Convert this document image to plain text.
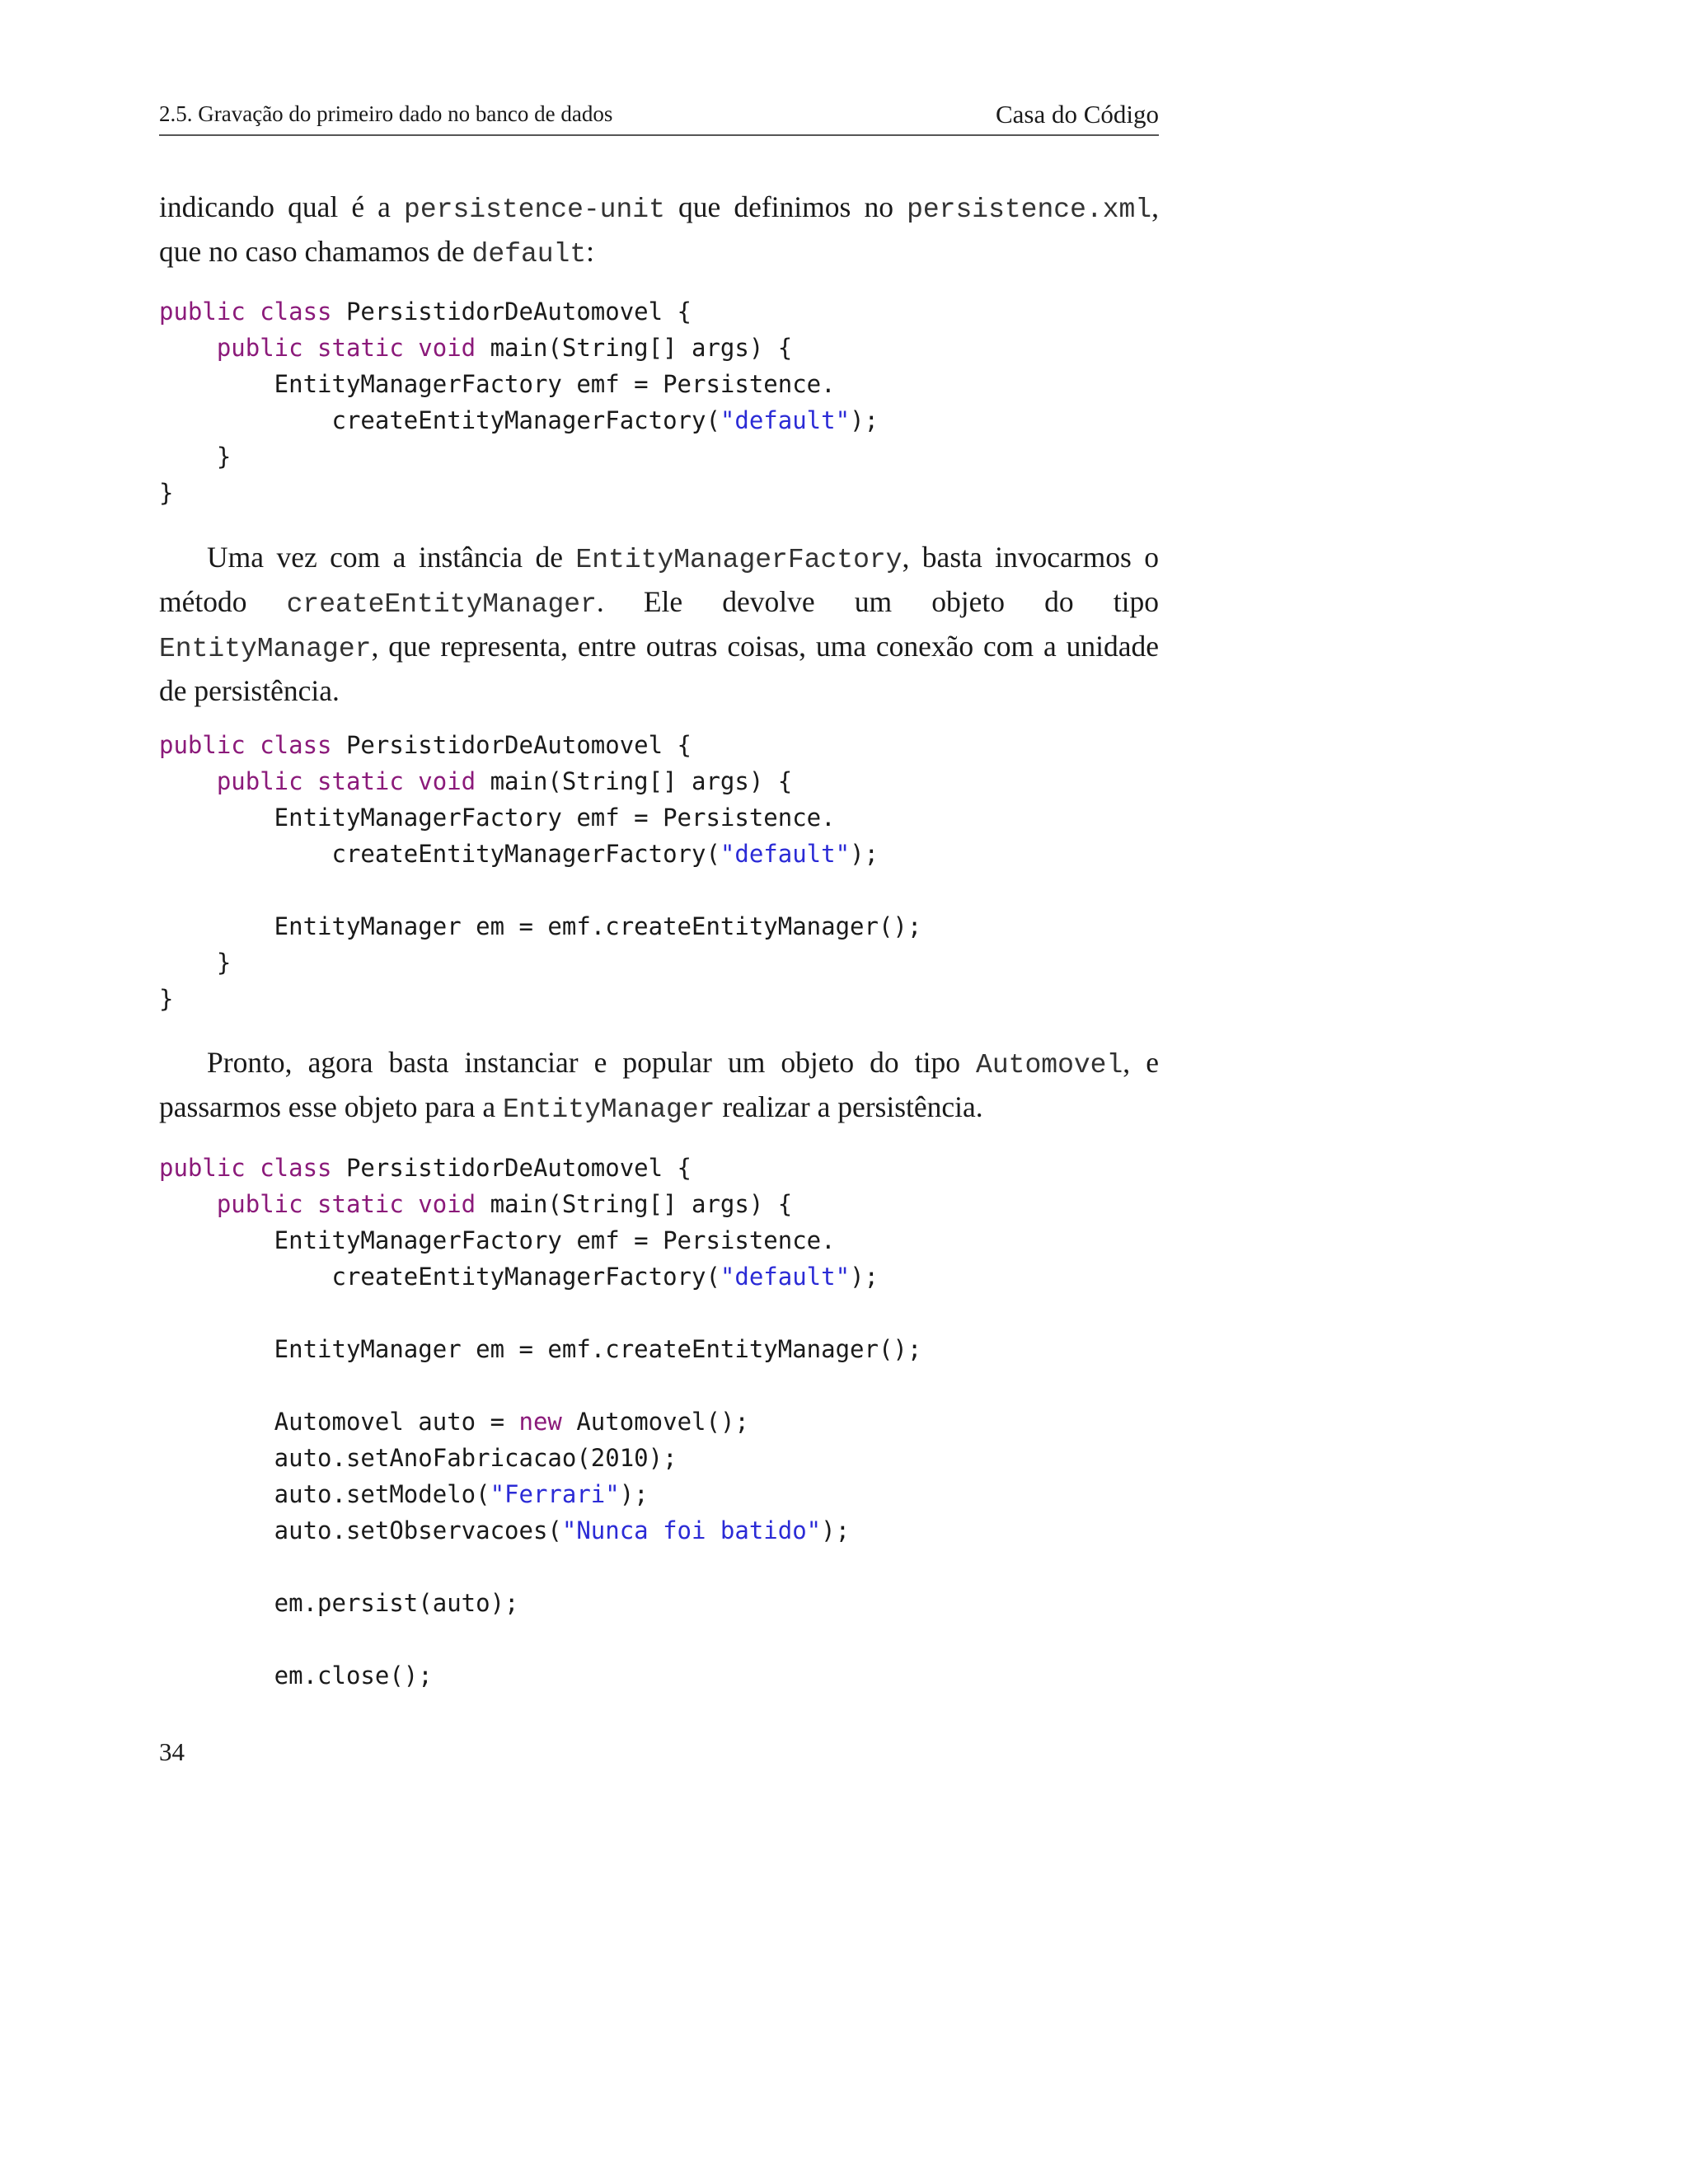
2.5. Gravação do primeiro dado no banco de dados	Casa do Código
indicando qual é a persistence-unit que definimos no persistence.xml, que no caso chamamos de default:
public class PersistidorDeAutomovel {
public static void main(String[] args) {
EntityManagerFactory emf = Persistence.
createEntityManagerFactory("default");
}
}

Uma vez com a instância de EntityManagerFactory, basta invocarmos o método createEntityManager. Ele devolve um objeto do tipo EntityManager, que representa, entre outras coisas, uma conexão com a unidade de persistência.
public class PersistidorDeAutomovel {
public static void main(String[] args) {
EntityManagerFactory emf = Persistence.
createEntityManagerFactory("default");

EntityManager em = emf.createEntityManager();
}
}

Pronto, agora basta instanciar e popular um objeto do tipo Automovel, e passarmos esse objeto para a EntityManager realizar a persistência.
public class PersistidorDeAutomovel {
public static void main(String[] args) {
EntityManagerFactory emf = Persistence.
createEntityManagerFactory("default");

EntityManager em = emf.createEntityManager();

Automovel auto = new Automovel();
auto.setAnoFabricacao(2010);
auto.setModelo("Ferrari");
auto.setObservacoes("Nunca foi batido");

em.persist(auto);

em.close();

34
